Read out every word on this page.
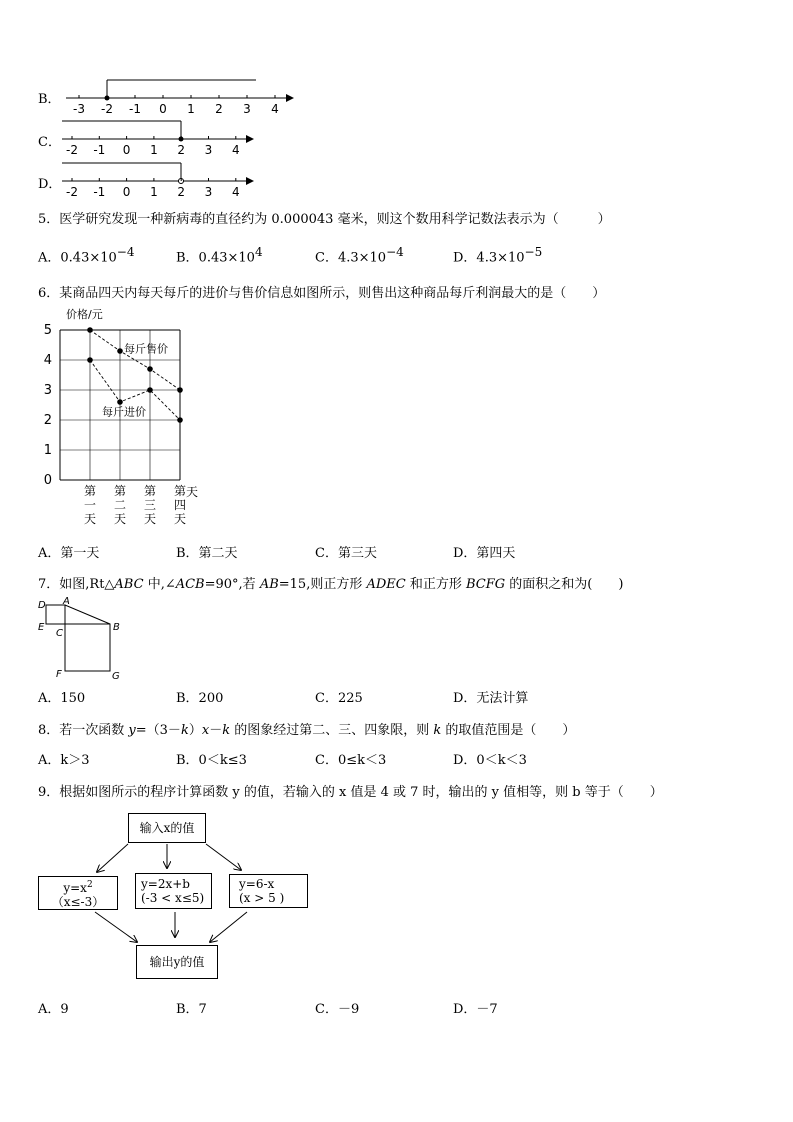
B．
-3 -2 -1 0 1 2 3 4
C． -2 -1 0 1 2 3 4
D． -2 -1 0 1 2 3 4
5．医学研究发现一种新病毒的直径约为 0.000043 毫米，则这个数用科学记数法表示为（　　　）
A．$0.43\times 10^{-4}$	B．$0.43\times 10^4$	C．$4.3\times 10^{-4}$	D．$4.3\times 10^{-5}$
6．某商品四天内每天每斤的进价与售价信息如图所示，则售出这种商品每斤利润最大的是（　　）
价格/元
天
0
1
2
3
4
5
第
一
天
第
二
天
第
三
天
第
四
天
每斤售价
每斤进价
A．第一天	B．第二天	C．第三天	D．第四天
7．如图,Rt△ABC 中,∠ACB=90°,若 AB=15,则正方形 ADEC 和正方形 BCFG 的面积之和为(　　)
A
D
E
C
B
F	G
A．150	B．200	C．225	D．无法计算
8．若一次函数 y=（3－k）x－k 的图象经过第二、三、四象限，则 k 的取值范围是（　　）
A．k＞3	B．0＜k≤3	C．0≤k＜3	D．0＜k＜3
9．根据如图所示的程序计算函数 y 的值，若输入的 x 值是 4 或 7 时，输出的 y 值相等，则 b 等于（　　）
输入x的值
$y=x^2(x\le-3)$
y=2x+b
(-3 < x≤5)
y=6-x
(x > 5 )
输出y的值
A．9	B．7	C．－9	D．－7
